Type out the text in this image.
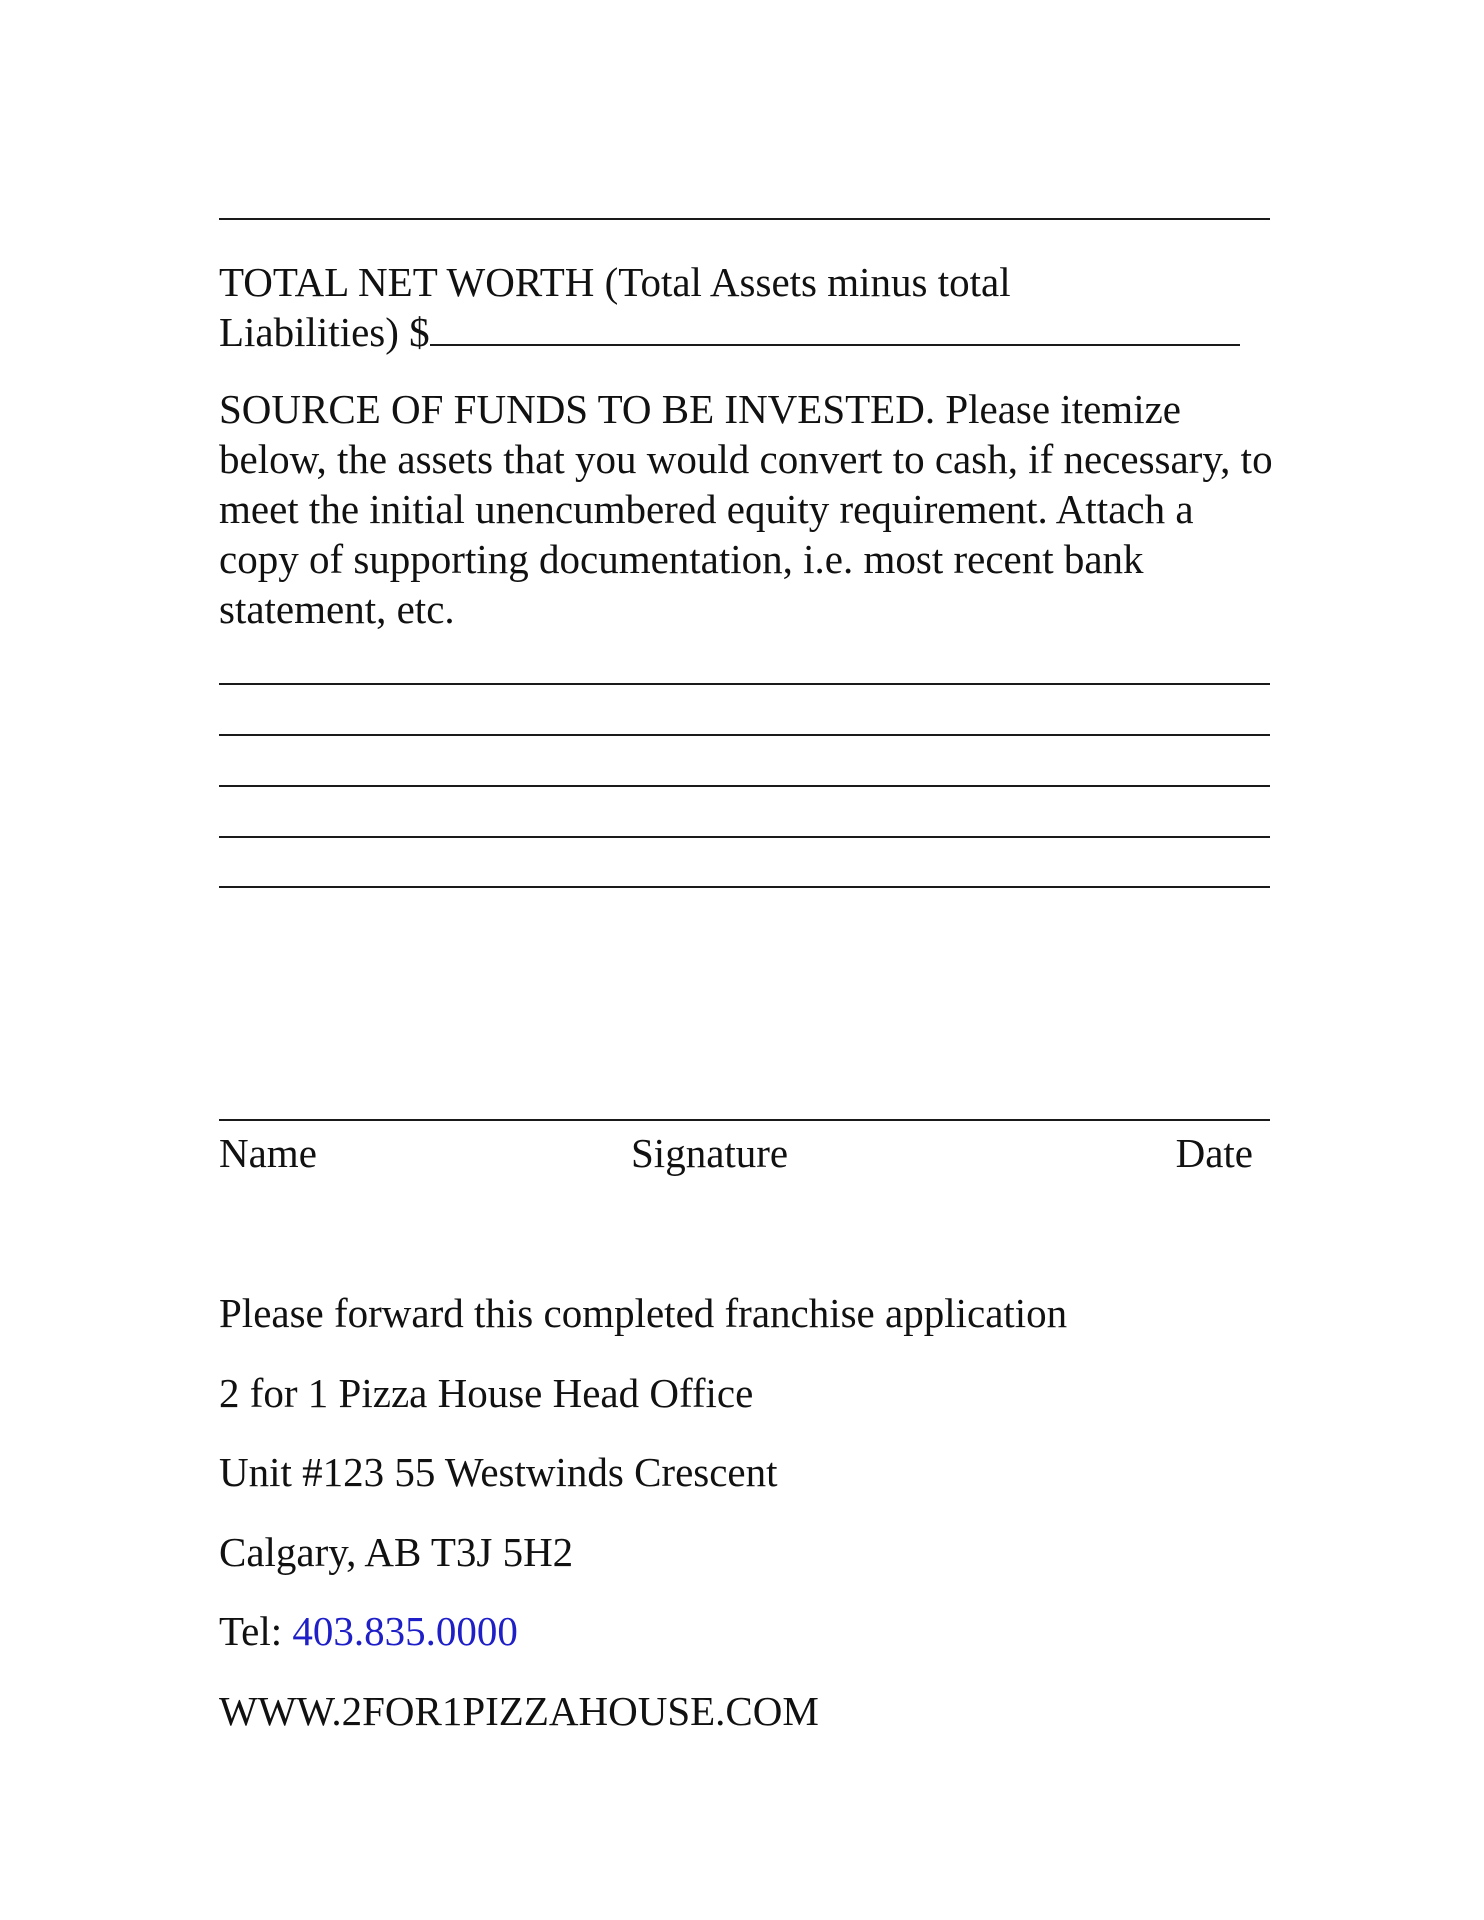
TOTAL NET WORTH (Total Assets minus total
Liabilities) $
SOURCE OF FUNDS TO BE INVESTED. Please itemize below, the assets that you would convert to cash, if necessary, to meet the initial unencumbered equity requirement. Attach a copy of supporting documentation, i.e. most recent bank statement, etc.
Name	Signature	Date
Please forward this completed franchise application
2 for 1 Pizza House Head Office
Unit #123 55 Westwinds Crescent
Calgary, AB T3J 5H2
Tel: 403.835.0000
WWW.2FOR1PIZZAHOUSE.COM
